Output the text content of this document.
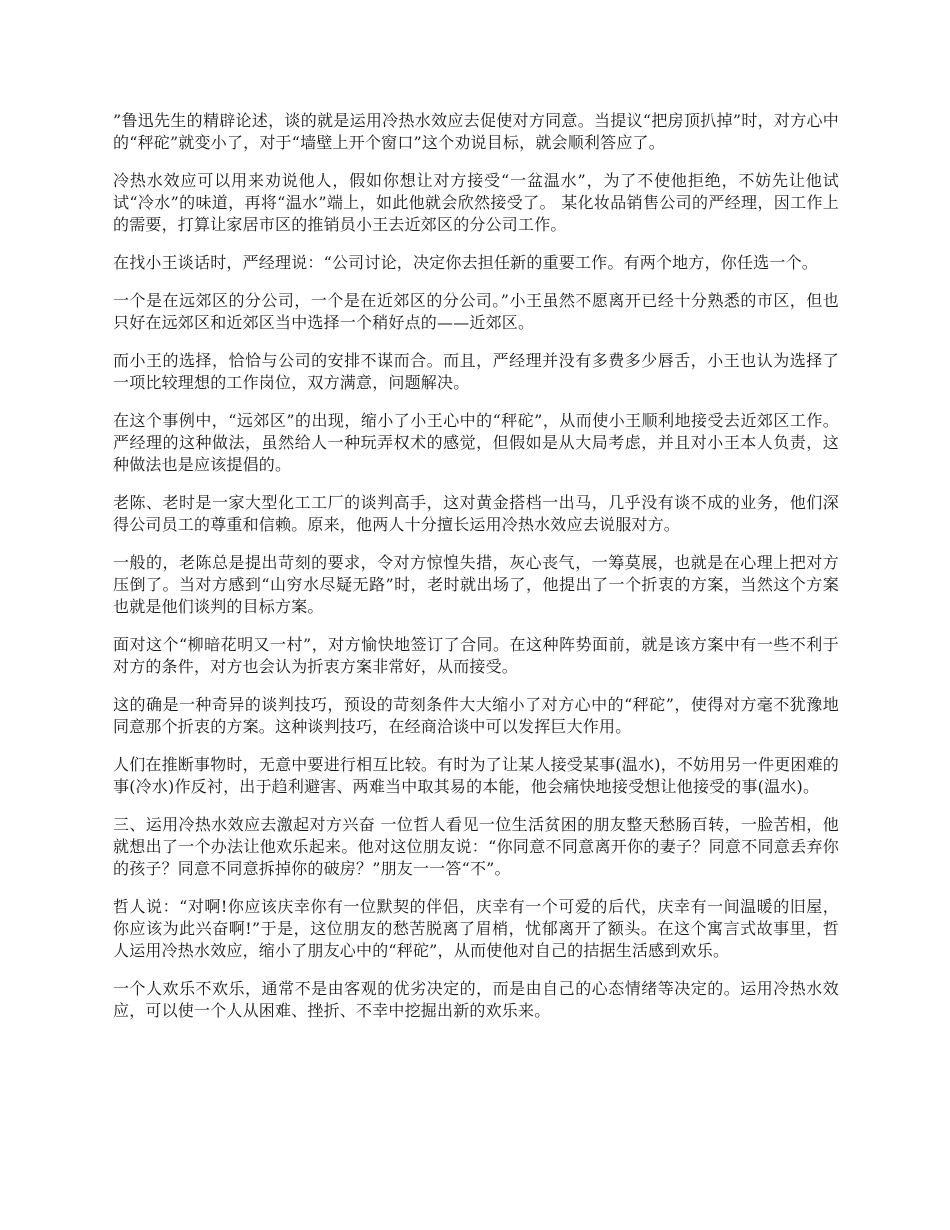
”鲁迅先生的精辟论述，谈的就是运用冷热水效应去促使对方同意。当提议“把房顶扒掉”时，对方心中的“秤砣”就变小了，对于“墙壁上开个窗口”这个劝说目标，就会顺利答应了。

冷热水效应可以用来劝说他人，假如你想让对方接受“一盆温水”，为了不使他拒绝，不妨先让他试试“冷水”的味道，再将“温水”端上，如此他就会欣然接受了。 某化妆品销售公司的严经理，因工作上的需要，打算让家居市区的推销员小王去近郊区的分公司工作。

在找小王谈话时，严经理说：“公司讨论，决定你去担任新的重要工作。有两个地方，你任选一个。

一个是在远郊区的分公司，一个是在近郊区的分公司。”小王虽然不愿离开已经十分熟悉的市区，但也只好在远郊区和近郊区当中选择一个稍好点的——近郊区。

而小王的选择，恰恰与公司的安排不谋而合。而且，严经理并没有多费多少唇舌，小王也认为选择了一项比较理想的工作岗位，双方满意，问题解决。

在这个事例中，“远郊区”的出现，缩小了小王心中的“秤砣”，从而使小王顺利地接受去近郊区工作。严经理的这种做法，虽然给人一种玩弄权术的感觉，但假如是从大局考虑，并且对小王本人负责，这种做法也是应该提倡的。

老陈、老时是一家大型化工工厂的谈判高手，这对黄金搭档一出马，几乎没有谈不成的业务，他们深得公司员工的尊重和信赖。原来，他两人十分擅长运用冷热水效应去说服对方。

一般的，老陈总是提出苛刻的要求，令对方惊惶失措，灰心丧气，一筹莫展，也就是在心理上把对方压倒了。当对方感到“山穷水尽疑无路”时，老时就出场了，他提出了一个折衷的方案，当然这个方案也就是他们谈判的目标方案。

面对这个“柳暗花明又一村”，对方愉快地签订了合同。在这种阵势面前，就是该方案中有一些不利于对方的条件，对方也会认为折衷方案非常好，从而接受。

这的确是一种奇异的谈判技巧，预设的苛刻条件大大缩小了对方心中的“秤砣”，使得对方毫不犹豫地同意那个折衷的方案。这种谈判技巧，在经商洽谈中可以发挥巨大作用。

人们在推断事物时，无意中要进行相互比较。有时为了让某人接受某事(温水)，不妨用另一件更困难的事(冷水)作反衬，出于趋利避害、两难当中取其易的本能，他会痛快地接受想让他接受的事(温水)。

三、运用冷热水效应去激起对方兴奋 一位哲人看见一位生活贫困的朋友整天愁肠百转，一脸苦相，他就想出了一个办法让他欢乐起来。他对这位朋友说：“你同意不同意离开你的妻子？同意不同意丢弃你的孩子？同意不同意拆掉你的破房？”朋友一一答“不”。

哲人说：“对啊!你应该庆幸你有一位默契的伴侣，庆幸有一个可爱的后代，庆幸有一间温暖的旧屋，你应该为此兴奋啊!”于是，这位朋友的愁苦脱离了眉梢，忧郁离开了额头。在这个寓言式故事里，哲人运用冷热水效应，缩小了朋友心中的“秤砣”，从而使他对自己的拮据生活感到欢乐。

一个人欢乐不欢乐，通常不是由客观的优劣决定的，而是由自己的心态情绪等决定的。运用冷热水效应，可以使一个人从困难、挫折、不幸中挖掘出新的欢乐来。
